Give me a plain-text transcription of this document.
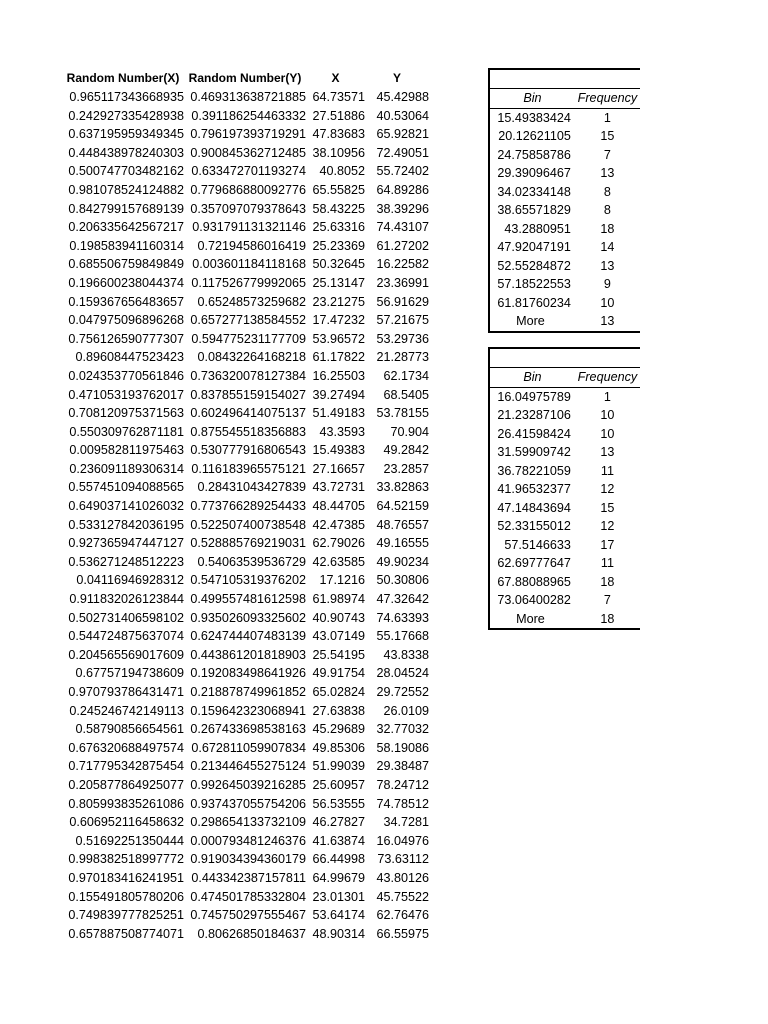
Random Number(X)	Random Number(Y)	X	Y
0.965117343668935	0.469313638721885	64.73571	45.42988
0.242927335428938	0.391186254463332	27.51886	40.53064
0.637195959349345	0.796197393719291	47.83683	65.92821
0.448438978240303	0.900845362712485	38.10956	72.49051
0.500747703482162	0.633472701193274	40.8052	55.72402
0.981078524124882	0.779686880092776	65.55825	64.89286
0.842799157689139	0.357097079378643	58.43225	38.39296
0.206335642567217	0.931791131321146	25.63316	74.43107
0.198583941160314	0.72194586016419	25.23369	61.27202
0.685506759849849	0.003601184118168	50.32645	16.22582
0.196600238044374	0.117526779992065	25.13147	23.36991
0.159367656483657	0.65248573259682	23.21275	56.91629
0.047975096896268	0.657277138584552	17.47232	57.21675
0.756126590777307	0.594775231177709	53.96572	53.29736
0.89608447523423	0.08432264168218	61.17822	21.28773
0.024353770561846	0.736320078127384	16.25503	62.1734
0.471053193762017	0.837855159154027	39.27494	68.5405
0.708120975371563	0.602496414075137	51.49183	53.78155
0.550309762871181	0.875545518356883	43.3593	70.904
0.009582811975463	0.530777916806543	15.49383	49.2842
0.236091189306314	0.116183965575121	27.16657	23.2857
0.557451094088565	0.28431043427839	43.72731	33.82863
0.649037141026032	0.773766289254433	48.44705	64.52159
0.533127842036195	0.522507400738548	42.47385	48.76557
0.927365947447127	0.528885769219031	62.79026	49.16555
0.536271248512223	0.54063539536729	42.63585	49.90234
0.04116946928312	0.547105319376202	17.1216	50.30806
0.911832026123844	0.499557481612598	61.98974	47.32642
0.502731406598102	0.935026093325602	40.90743	74.63393
0.544724875637074	0.624744407483139	43.07149	55.17668
0.204565569017609	0.443861201818903	25.54195	43.8338
0.67757194738609	0.192083498641926	49.91754	28.04524
0.970793786431471	0.218878749961852	65.02824	29.72552
0.245246742149113	0.159642323068941	27.63838	26.0109
0.58790856654561	0.267433698538163	45.29689	32.77032
0.676320688497574	0.672811059907834	49.85306	58.19086
0.717795342875454	0.213446455275124	51.99039	29.38487
0.205877864925077	0.992645039216285	25.60957	78.24712
0.805993835261086	0.937437055754206	56.53555	74.78512
0.606952116458632	0.298654133732109	46.27827	34.7281
0.51692251350444	0.000793481246376	41.63874	16.04976
0.998382518997772	0.919034394360179	66.44998	73.63112
0.970183416241951	0.443342387157811	64.99679	43.80126
0.155491805780206	0.474501785332804	23.01301	45.75522
0.749839777825251	0.745750297555467	53.64174	62.76476
0.657887508774071	0.80626850184637	48.90314	66.55975

Bin	Frequency
15.49383424	1
20.12621105	15
24.75858786	7
29.39096467	13
34.02334148	8
38.65571829	8
43.2880951	18
47.92047191	14
52.55284872	13
57.18522553	9
61.81760234	10
More	13

Bin	Frequency
16.04975789	1
21.23287106	10
26.41598424	10
31.59909742	13
36.78221059	11
41.96532377	12
47.14843694	15
52.33155012	12
57.5146633	17
62.69777647	11
67.88088965	18
73.06400282	7
More	18
